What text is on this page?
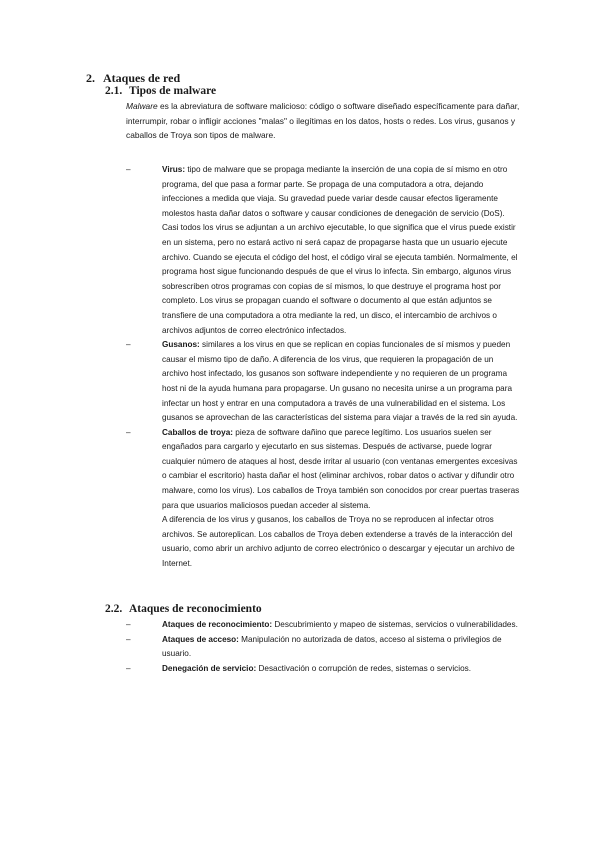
2. Ataques de red
2.1. Tipos de malware
Malware es la abreviatura de software malicioso: código o software diseñado específicamente para dañar, interrumpir, robar o infligir acciones "malas" o ilegítimas en los datos, hosts o redes. Los virus, gusanos y caballos de Troya son tipos de malware.
–	Virus: tipo de malware que se propaga mediante la inserción de una copia de sí mismo en otro programa, del que pasa a formar parte. Se propaga de una computadora a otra, dejando infecciones a medida que viaja. Su gravedad puede variar desde causar efectos ligeramente molestos hasta dañar datos o software y causar condiciones de denegación de servicio (DoS). Casi todos los virus se adjuntan a un archivo ejecutable, lo que significa que el virus puede existir en un sistema, pero no estará activo ni será capaz de propagarse hasta que un usuario ejecute archivo. Cuando se ejecuta el código del host, el código viral se ejecuta también. Normalmente, el programa host sigue funcionando después de que el virus lo infecta. Sin embargo, algunos virus sobrescriben otros programas con copias de sí mismos, lo que destruye el programa host por completo. Los virus se propagan cuando el software o documento al que están adjuntos se transfiere de una computadora a otra mediante la red, un disco, el intercambio de archivos o archivos adjuntos de correo electrónico infectados.
–	Gusanos: similares a los virus en que se replican en copias funcionales de sí mismos y pueden causar el mismo tipo de daño. A diferencia de los virus, que requieren la propagación de un archivo host infectado, los gusanos son software independiente y no requieren de un programa host ni de la ayuda humana para propagarse. Un gusano no necesita unirse a un programa para infectar un host y entrar en una computadora a través de una vulnerabilidad en el sistema. Los gusanos se aprovechan de las características del sistema para viajar a través de la red sin ayuda.
–	Caballos de troya: pieza de software dañino que parece legítimo. Los usuarios suelen ser engañados para cargarlo y ejecutarlo en sus sistemas. Después de activarse, puede lograr cualquier número de ataques al host, desde irritar al usuario (con ventanas emergentes excesivas o cambiar el escritorio) hasta dañar el host (eliminar archivos, robar datos o activar y difundir otro malware, como los virus). Los caballos de Troya también son conocidos por crear puertas traseras para que usuarios maliciosos puedan acceder al sistema.
A diferencia de los virus y gusanos, los caballos de Troya no se reproducen al infectar otros archivos. Se autoreplican. Los caballos de Troya deben extenderse a través de la interacción del usuario, como abrir un archivo adjunto de correo electrónico o descargar y ejecutar un archivo de Internet.
2.2. Ataques de reconocimiento
–	Ataques de reconocimiento: Descubrimiento y mapeo de sistemas, servicios o vulnerabilidades.
–	Ataques de acceso: Manipulación no autorizada de datos, acceso al sistema o privilegios de usuario.
–	Denegación de servicio: Desactivación o corrupción de redes, sistemas o servicios.
